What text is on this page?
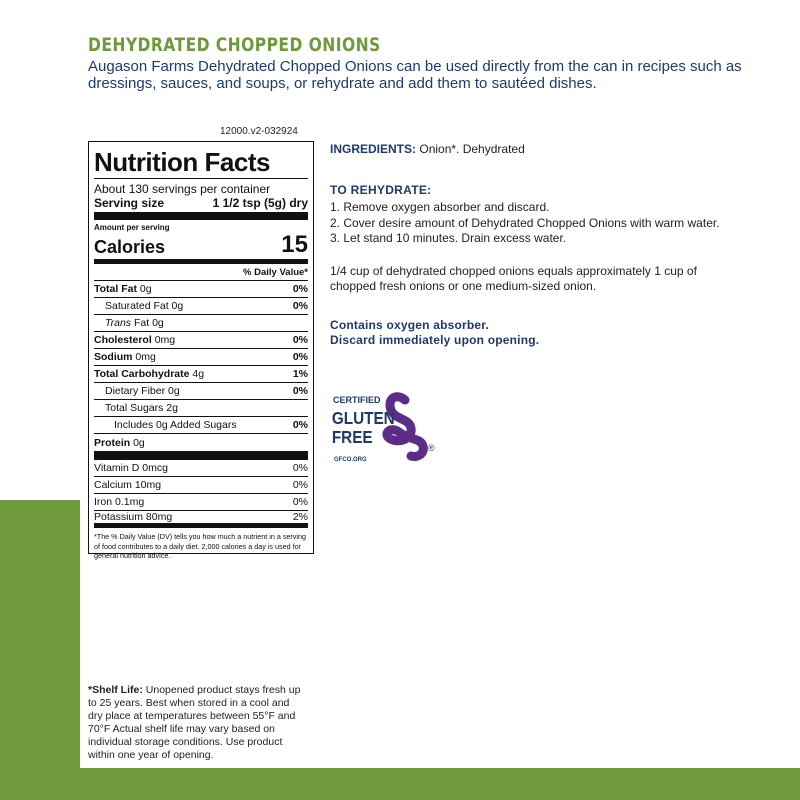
DEHYDRATED CHOPPED ONIONS
Augason Farms Dehydrated Chopped Onions can be used directly from the can in recipes such as dressings, sauces, and soups, or rehydrate and add them to sautéed dishes.
12000.v2-032924
Nutrition Facts
About 130 servings per container
Serving size	1 1/2 tsp (5g) dry
Amount per serving
Calories	15
% Daily Value*
Total Fat 0g	0%
Saturated Fat 0g	0%
Trans Fat 0g
Cholesterol 0mg	0%
Sodium 0mg	0%
Total Carbohydrate 4g	1%
Dietary Fiber 0g	0%
Total Sugars 2g
Includes 0g Added Sugars	0%
Protein 0g
Vitamin D 0mcg	0%
Calcium 10mg	0%
Iron 0.1mg	0%
Potassium 80mg	2%
*The % Daily Value (DV) tells you how much a nutrient in a serving of food contributes to a daily diet. 2,000 calories a day is used for general nutrition advice.
INGREDIENTS: Onion*. Dehydrated
TO REHYDRATE:
1. Remove oxygen absorber and discard.
2. Cover desire amount of Dehydrated Chopped Onions with warm water.
3. Let stand 10 minutes. Drain excess water.
1/4 cup of dehydrated chopped onions equals approximately 1 cup of chopped fresh onions or one medium-sized onion.
Contains oxygen absorber.
Discard immediately upon opening.
CERTIFIED
GLUTEN
FREE
®
GFCO.ORG
*Shelf Life: Unopened product stays fresh up to 25 years. Best when stored in a cool and dry place at temperatures between 55°F and 70°F Actual shelf life may vary based on individual storage conditions. Use product within one year of opening.
